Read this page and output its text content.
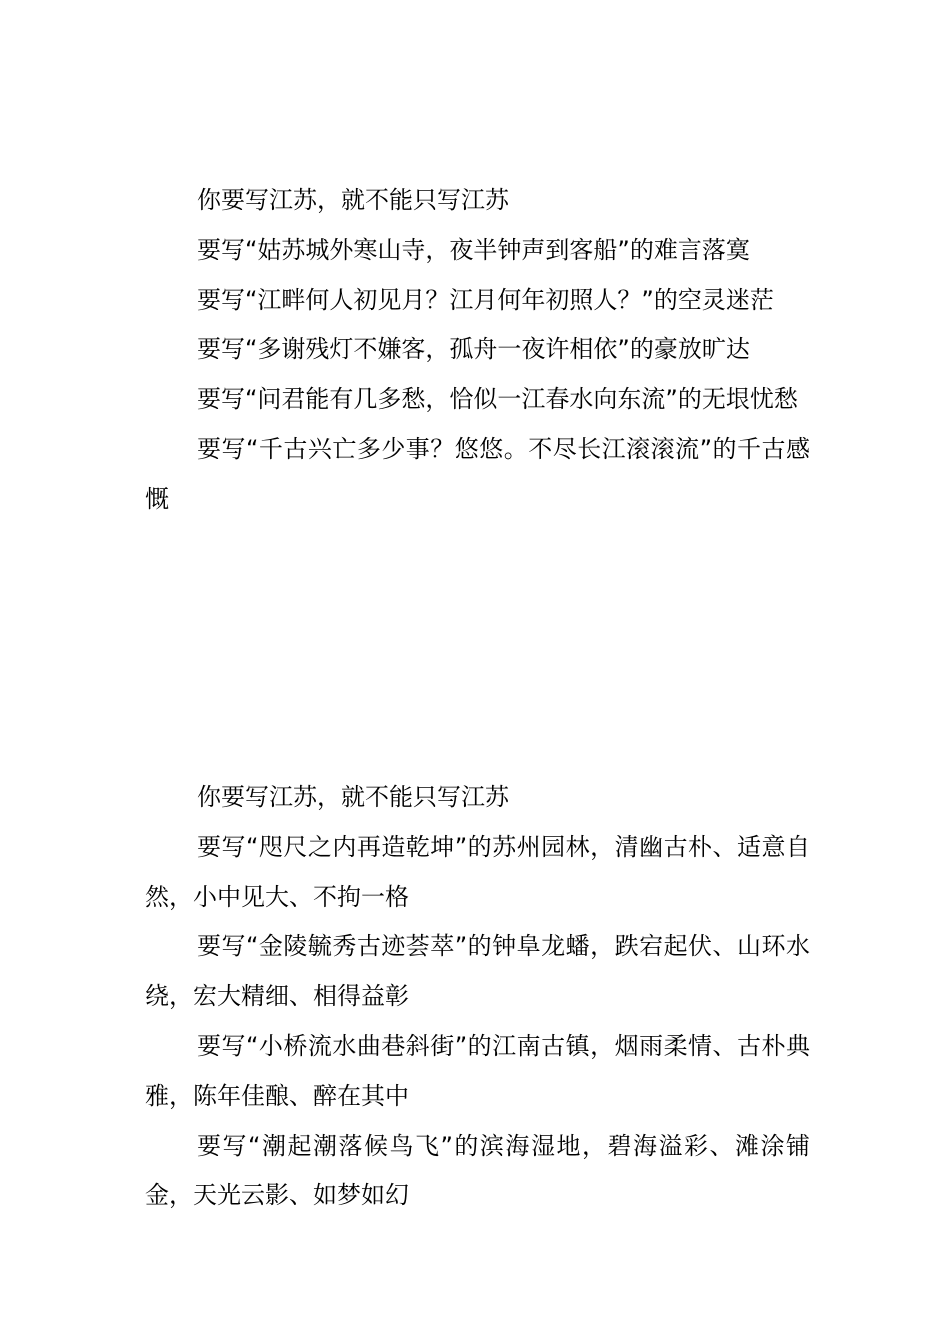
你要写江苏，就不能只写江苏

要写“姑苏城外寒山寺，夜半钟声到客船”的难言落寞

要写“江畔何人初见月？江月何年初照人？”的空灵迷茫

要写“多谢残灯不嫌客，孤舟一夜许相依”的豪放旷达

要写“问君能有几多愁，恰似一江春水向东流”的无垠忧愁

要写“千古兴亡多少事？悠悠。不尽长江滚滚流”的千古感慨

你要写江苏，就不能只写江苏

要写“咫尺之内再造乾坤”的苏州园林，清幽古朴、适意自然，小中见大、不拘一格

要写“金陵毓秀古迹荟萃”的钟阜龙蟠，跌宕起伏、山环水绕，宏大精细、相得益彰

要写“小桥流水曲巷斜街”的江南古镇，烟雨柔情、古朴典雅，陈年佳酿、醉在其中

要写“潮起潮落候鸟飞”的滨海湿地，碧海溢彩、滩涂铺金，天光云影、如梦如幻
